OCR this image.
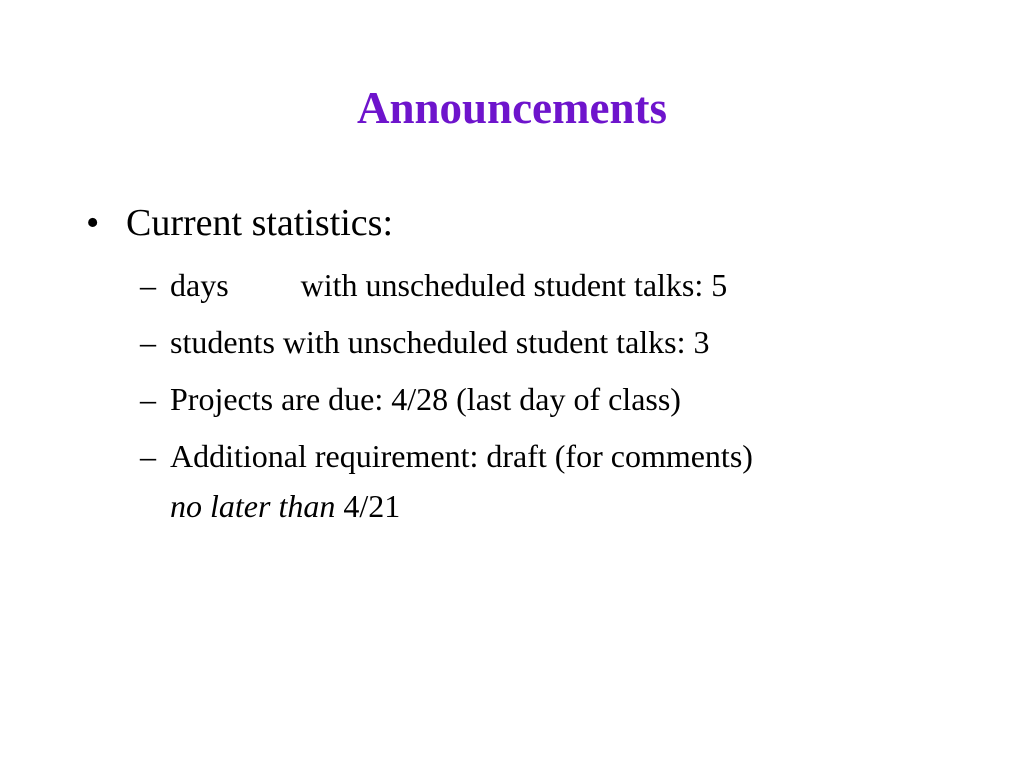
Announcements
• Current statistics:
– days with unscheduled student talks: 5
– students with unscheduled student talks: 3
– Projects are due: 4/28 (last day of class)
– Additional requirement: draft (for comments)
no later than 4/21
